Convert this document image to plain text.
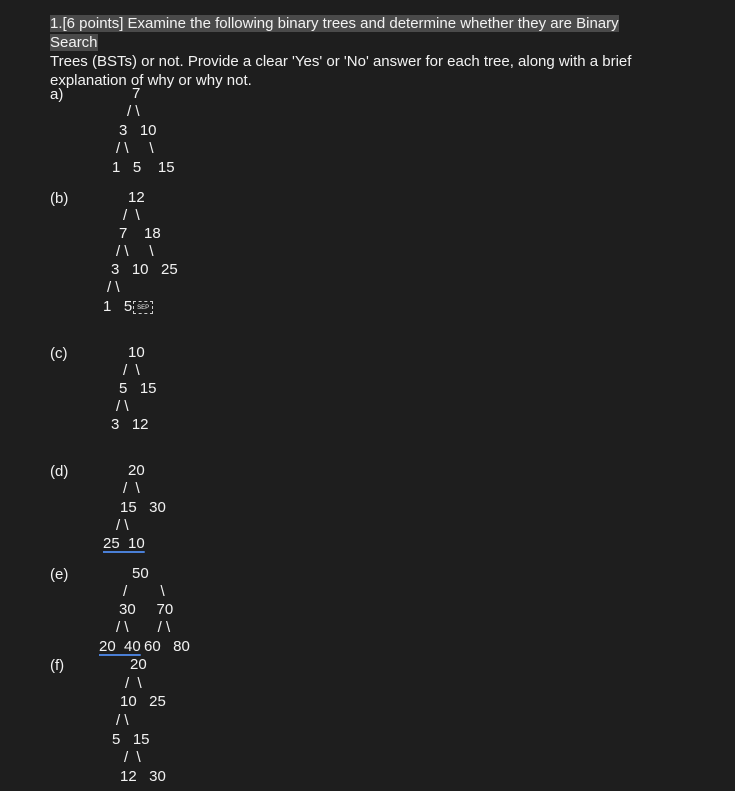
1.[6 points] Examine the following binary trees and determine whether they are Binary Search
Trees (BSTs) or not. Provide a clear 'Yes' or 'No' answer for each tree, along with a brief
explanation of why or why not.
a)	7
/ \
3   10
/ \     \
1   5    15
(b)	12
/  \
7    18
/ \     \
3   10   25
/ \
1   5 SEP
(c)	10
/  \
5   15
/ \
3   12
(d)	20
/  \
15   30
/ \
25  10
(e)	50
/        \
30     70
/ \       / \
20  40 60   80
(f)	20
/  \
10   25
/ \
5   15
/  \
12   30
